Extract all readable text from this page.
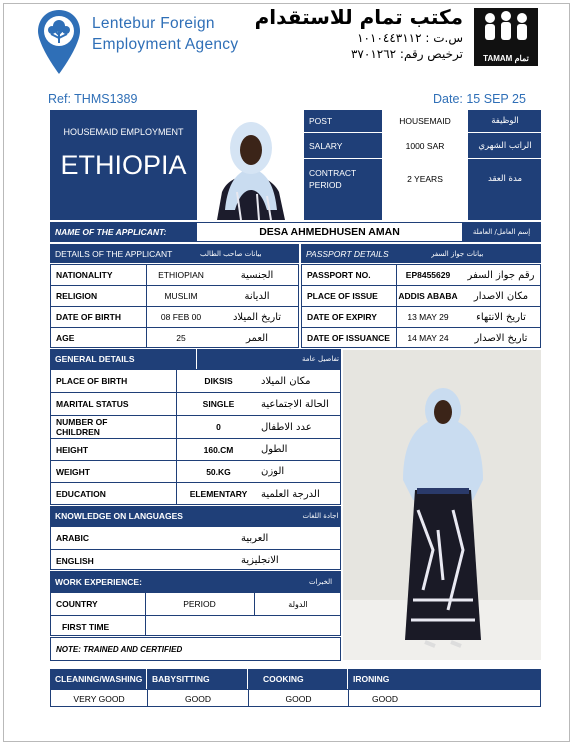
Lentebur Foreign
Employment Agency
مكتب تمام للاستقدام
س.ت : ١٠١٠٤٤٣١١٢
ترخيص رقم: ٣٧٠١٢٦٢	TAMAM تمام
Ref: THMS1389	Date: 15 SEP 25
HOUSEMAID EMPLOYMENT
ETHIOPIA
POST	HOUSEMAID	الوظيفة
SALARY	1000 SAR	الراتب الشهري
CONTRACT
PERIOD
2 YEARS	مدة العقد
NAME OF THE APPLICANT:	DESA AHMEDHUSEN AMAN	إسم العامل/ العاملة
DETAILS OF THE APPLICANT	بيانات صاحب الطالب	PASSPORT DETAILS	بيانات جواز السفر
NATIONALITY	ETHIOPIAN	الجنسية
RELIGION	MUSLIM	الديانة
DATE OF BIRTH	08 FEB 00	تاريخ الميلاد
AGE	25	العمر
PASSPORT NO.	EP8455629	رقم جواز السفر
PLACE OF ISSUE	ADDIS ABABA	مكان الاصدار
DATE OF EXPIRY	13 MAY 29	تاريخ الانتهاء
DATE OF ISSUANCE	14 MAY 24	تاريخ الاصدار
GENERAL DETAILS	تفاصيل عامة
PLACE OF BIRTH	DIKSIS	مكان الميلاد
MARITAL STATUS	SINGLE	الحالة الاجتماعية
NUMBER OF
CHILDREN	0	عدد الاطفال
HEIGHT	160.CM	الطول
WEIGHT	50.KG	الوزن
EDUCATION	ELEMENTARY	الدرجة العلمية
KNOWLEDGE ON LANGUAGES	اجادة اللغات
ARABIC	العربية
ENGLISH	الانجليزية
WORK EXPERIENCE:	الخبرات
COUNTRY	PERIOD	الدولة
FIRST TIME
NOTE: TRAINED AND CERTIFIED
CLEANING/WASHING	BABYSITTING	COOKING	IRONING
VERY GOOD	GOOD	GOOD	GOOD
